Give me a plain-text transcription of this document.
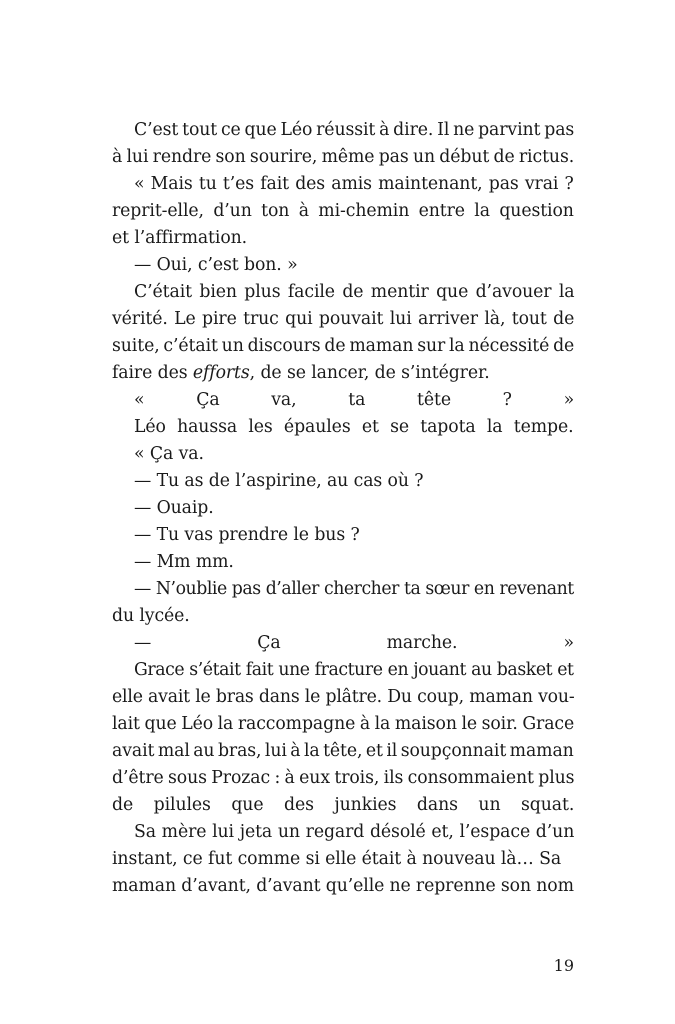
C’est tout ce que Léo réussit à dire. Il ne parvint pas
à lui rendre son sourire, même pas un début de rictus.
« Mais tu t’es fait des amis maintenant, pas vrai ?
reprit-elle, d’un ton à mi-chemin entre la question
et l’affirmation.
— Oui, c’est bon. »
C’était bien plus facile de mentir que d’avouer la
vérité. Le pire truc qui pouvait lui arriver là, tout de
suite, c’était un discours de maman sur la nécessité de
faire des efforts, de se lancer, de s’intégrer.
« Ça va, ta tête ? »
Léo haussa les épaules et se tapota la tempe.
« Ça va.
— Tu as de l’aspirine, au cas où ?
— Ouaip.
— Tu vas prendre le bus ?
— Mm mm.
— N’oublie pas d’aller chercher ta sœur en revenant
du lycée.
— Ça marche. »
Grace s’était fait une fracture en jouant au basket et
elle avait le bras dans le plâtre. Du coup, maman vou-
lait que Léo la raccompagne à la maison le soir. Grace
avait mal au bras, lui à la tête, et il soupçonnait maman
d’être sous Prozac : à eux trois, ils consommaient plus
de pilules que des junkies dans un squat.
Sa mère lui jeta un regard désolé et, l’espace d’un
instant, ce fut comme si elle était à nouveau là… Sa
maman d’avant, d’avant qu’elle ne reprenne son nom
19
